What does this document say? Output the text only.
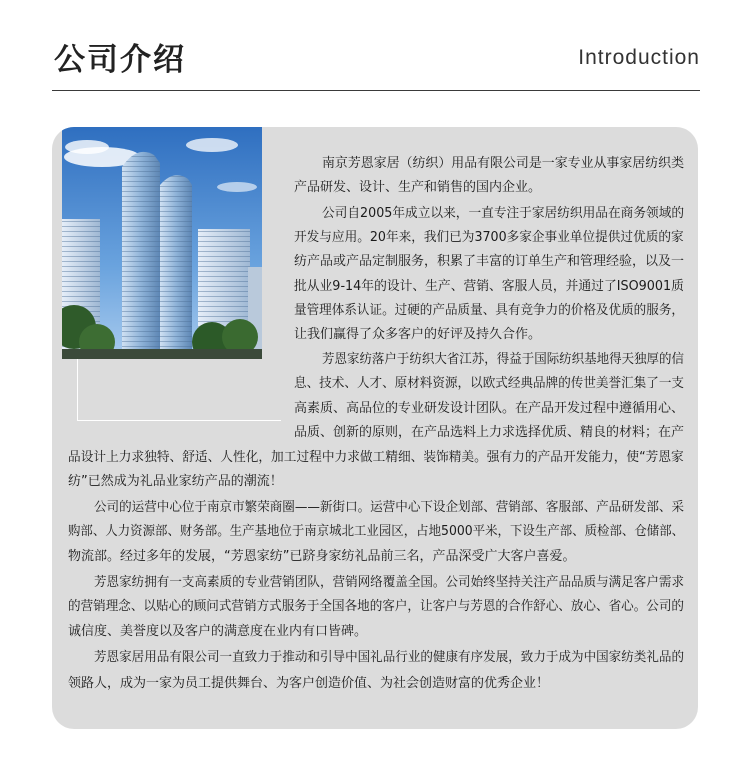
公司介绍	Introduction
南京芳恩家居（纺织）用品有限公司是一家专业从事家居纺织类
产品研发、设计、生产和销售的国内企业。
公司自2005年成立以来，一直专注于家居纺织用品在商务领域的
开发与应用。20年来，我们已为3700多家企事业单位提供过优质的家
纺产品或产品定制服务，积累了丰富的订单生产和管理经验，以及一
批从业9-14年的设计、生产、营销、客服人员，并通过了ISO9001质
量管理体系认证。过硬的产品质量、具有竞争力的价格及优质的服务，
让我们赢得了众多客户的好评及持久合作。
芳恩家纺落户于纺织大省江苏，得益于国际纺织基地得天独厚的信
息、技术、人才、原材料资源，以欧式经典品牌的传世美誉汇集了一支
高素质、高品位的专业研发设计团队。在产品开发过程中遵循用心、
品质、创新的原则，在产品选料上力求选择优质、精良的材料；在产
品设计上力求独特、舒适、人性化，加工过程中力求做工精细、装饰精美。强有力的产品开发能力，使“芳恩家
纺”已然成为礼品业家纺产品的潮流！
公司的运营中心位于南京市繁荣商圈——新街口。运营中心下设企划部、营销部、客服部、产品研发部、采
购部、人力资源部、财务部。生产基地位于南京城北工业园区，占地5000平米，下设生产部、质检部、仓储部、
物流部。经过多年的发展，“芳恩家纺”已跻身家纺礼品前三名，产品深受广大客户喜爱。
芳恩家纺拥有一支高素质的专业营销团队，营销网络覆盖全国。公司始终坚持关注产品品质与满足客户需求
的营销理念、以贴心的顾问式营销方式服务于全国各地的客户，让客户与芳恩的合作舒心、放心、省心。公司的
诚信度、美誉度以及客户的满意度在业内有口皆碑。
芳恩家居用品有限公司一直致力于推动和引导中国礼品行业的健康有序发展，致力于成为中国家纺类礼品的
领路人，成为一家为员工提供舞台、为客户创造价值、为社会创造财富的优秀企业！
